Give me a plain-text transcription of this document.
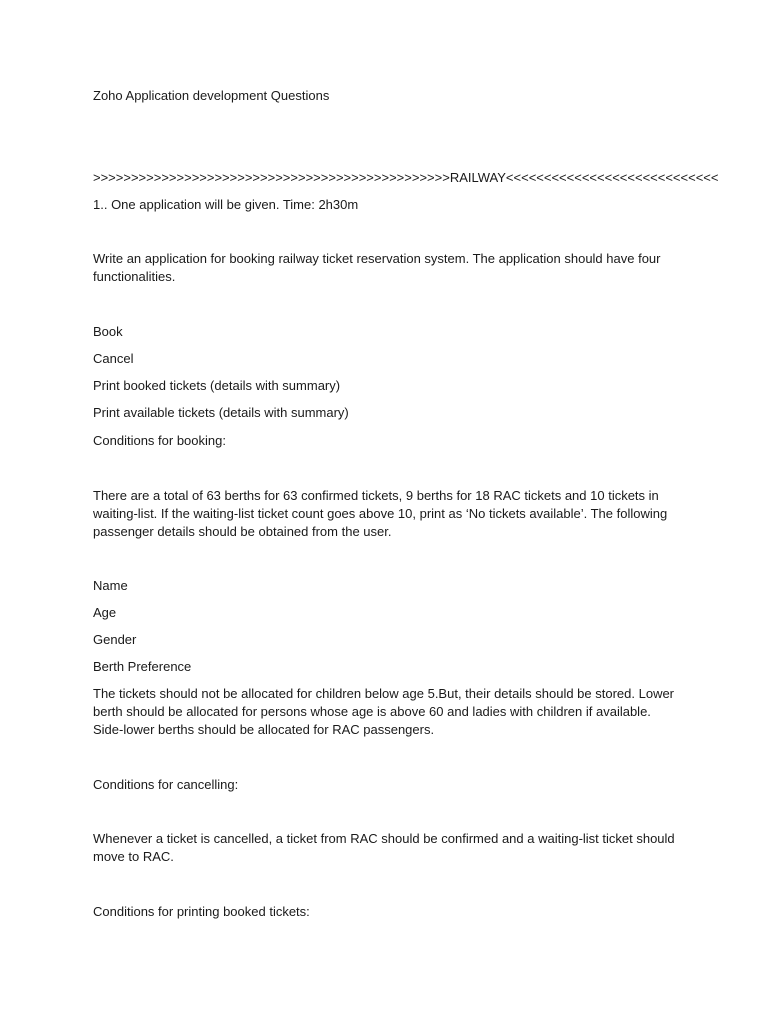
Zoho Application development Questions

>>>>>>>>>>>>>>>>>>>>>>>>>>>>>>>>>>>>>>>>>>>>>>>RAILWAY<<<<<<<<<<<<<<<<<<<<<<<<<<<<

1.. One application will be given. Time: 2h30m

Write an application for booking railway ticket reservation system. The application should have four functionalities.

Book

Cancel

Print booked tickets (details with summary)

Print available tickets (details with summary)

Conditions for booking:

There are a total of 63 berths for 63 confirmed tickets, 9 berths for 18 RAC tickets and 10 tickets in waiting-list. If the waiting-list ticket count goes above 10, print as ‘No tickets available’. The following passenger details should be obtained from the user.

Name

Age

Gender

Berth Preference

The tickets should not be allocated for children below age 5.But, their details should be stored. Lower berth should be allocated for persons whose age is above 60 and ladies with children if available. Side-lower berths should be allocated for RAC passengers.

Conditions for cancelling:

Whenever a ticket is cancelled, a ticket from RAC should be confirmed and a waiting-list ticket should move to RAC.

Conditions for printing booked tickets:
